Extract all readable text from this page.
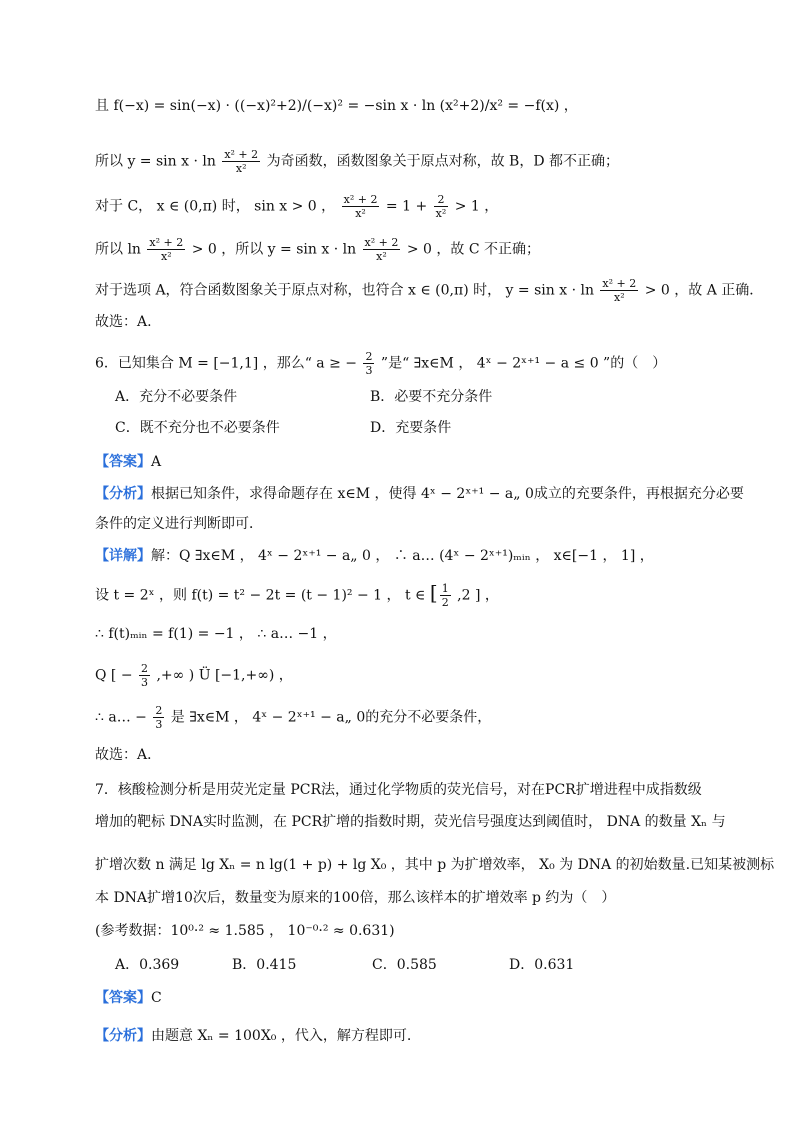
且 f(−x) = sin(−x) · ((−x)²+2)/(−x)² = −sin x · ln (x²+2)/x² = −f(x) ，
所以 $y = \sin x \cdot \ln \frac{\text{x² + 2}}{\text{x²}}$ 为奇函数，函数图象关于原点对称，故 B，D 都不正确；
对于 C， x ∈ (0,π) 时， sin x > 0 ， $\frac{\text{x² + 2}}{\text{x²}} = 1 + \frac{2}{\text{x²}} > 1$ ，
所以 $\ln \frac{\text{x² + 2}}{\text{x²}} > 0$ ，所以 $y = \sin x \cdot \ln \frac{\text{x² + 2}}{\text{x²}} > 0$ ，故 C 不正确；
对于选项 A，符合函数图象关于原点对称，也符合 x ∈ (0,π) 时， $y = \sin x \cdot \ln \frac{\text{x² + 2}}{\text{x²}} > 0$ ，故 A 正确．
故选：A.
6．已知集合 M = [−1,1] ，那么“ a ≥ − $\frac{2}{3}$ ”是“ ∃x∈M ， 4ˣ − 2ˣ⁺¹ − a ≤ 0 ”的（　）
A．充分不必要条件	B．必要不充分条件
C．既不充分也不必要条件	D．充要条件
【答案】A
【分析】根据已知条件，求得命题存在 x∈M ，使得 4ˣ − 2ˣ⁺¹ − a„ 0成立的充要条件，再根据充分必要
条件的定义进行判断即可．
【详解】解：Q ∃x∈M ， 4ˣ − 2ˣ⁺¹ − a„ 0 ， ∴ a… (4ˣ − 2ˣ⁺¹)ₘᵢₙ ， x∈[−1 ， 1] ，
设 t = 2ˣ ，则 f(t) = t² − 2t = (t − 1)² − 1 ， t ∈ [ $\frac{1}{2} ,2$ ] ，
∴ f(t)ₘᵢₙ = f(1) = −1 ， ∴ a… −1 ，
Q [ − $\frac{2}{3}$ ,+∞ ) Ü [−1,+∞) ，
∴ a… − $\frac{2}{3}$ 是 ∃x∈M ， 4ˣ − 2ˣ⁺¹ − a„ 0的充分不必要条件，
故选：A．
7．核酸检测分析是用荧光定量 PCR法，通过化学物质的荧光信号，对在PCR扩增进程中成指数级
增加的靶标 DNA实时监测，在 PCR扩增的指数时期，荧光信号强度达到阈值时， DNA 的数量 Xₙ 与
扩增次数 n 满足 lg Xₙ = n lg(1 + p) + lg X₀ ，其中 p 为扩增效率， X₀ 为 DNA 的初始数量.已知某被测标
本 DNA扩增10次后，数量变为原来的100倍，那么该样本的扩增效率 p 约为（　）
(参考数据：10⁰·² ≈ 1.585 ， 10⁻⁰·² ≈ 0.631)
A．0.369	B．0.415	C．0.585	D．0.631
【答案】C
【分析】由题意 Xₙ = 100X₀ ，代入，解方程即可.
